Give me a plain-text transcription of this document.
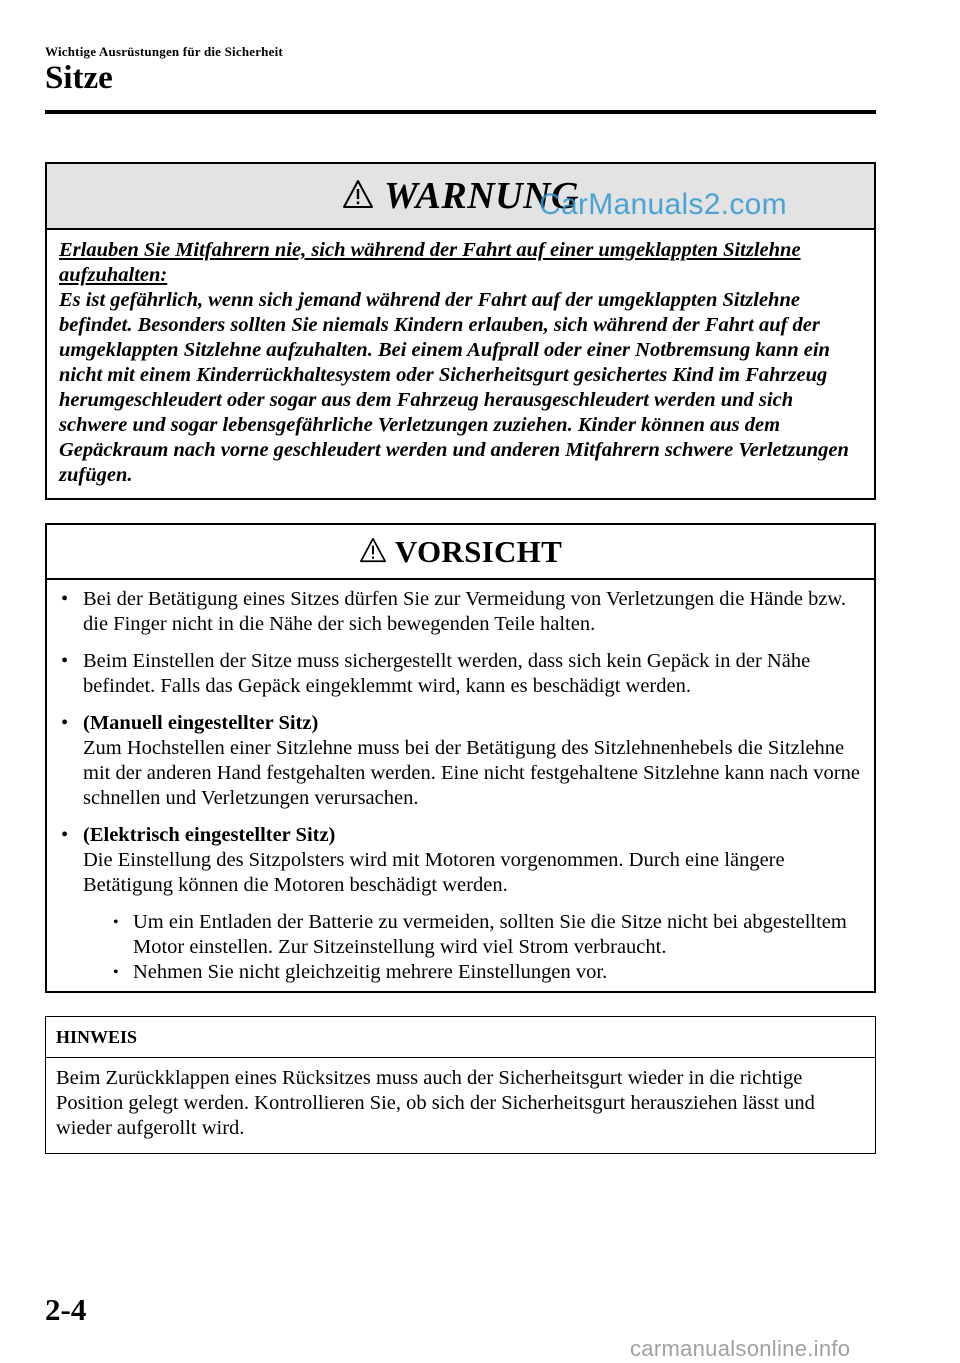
Wichtige Ausrüstungen für die Sicherheit
Sitze
WARNUNG
CarManuals2.com
Erlauben Sie Mitfahrern nie, sich während der Fahrt auf einer umgeklappten Sitzlehne aufzuhalten:
Es ist gefährlich, wenn sich jemand während der Fahrt auf der umgeklappten Sitzlehne befindet. Besonders sollten Sie niemals Kindern erlauben, sich während der Fahrt auf der umgeklappten Sitzlehne aufzuhalten. Bei einem Aufprall oder einer Notbremsung kann ein nicht mit einem Kinderrückhaltesystem oder Sicherheitsgurt gesichertes Kind im Fahrzeug herumgeschleudert oder sogar aus dem Fahrzeug herausgeschleudert werden und sich schwere und sogar lebensgefährliche Verletzungen zuziehen. Kinder können aus dem Gepäckraum nach vorne geschleudert werden und anderen Mitfahrern schwere Verletzungen zufügen.
VORSICHT
• Bei der Betätigung eines Sitzes dürfen Sie zur Vermeidung von Verletzungen die Hände bzw. die Finger nicht in die Nähe der sich bewegenden Teile halten.
• Beim Einstellen der Sitze muss sichergestellt werden, dass sich kein Gepäck in der Nähe befindet. Falls das Gepäck eingeklemmt wird, kann es beschädigt werden.
• (Manuell eingestellter Sitz)
Zum Hochstellen einer Sitzlehne muss bei der Betätigung des Sitzlehnenhebels die Sitzlehne mit der anderen Hand festgehalten werden. Eine nicht festgehaltene Sitzlehne kann nach vorne schnellen und Verletzungen verursachen.
• (Elektrisch eingestellter Sitz)
Die Einstellung des Sitzpolsters wird mit Motoren vorgenommen. Durch eine längere Betätigung können die Motoren beschädigt werden.
• Um ein Entladen der Batterie zu vermeiden, sollten Sie die Sitze nicht bei abgestelltem Motor einstellen. Zur Sitzeinstellung wird viel Strom verbraucht.
• Nehmen Sie nicht gleichzeitig mehrere Einstellungen vor.
HINWEIS
Beim Zurückklappen eines Rücksitzes muss auch der Sicherheitsgurt wieder in die richtige Position gelegt werden. Kontrollieren Sie, ob sich der Sicherheitsgurt herausziehen lässt und wieder aufgerollt wird.
2-4
carmanualsonline.info
